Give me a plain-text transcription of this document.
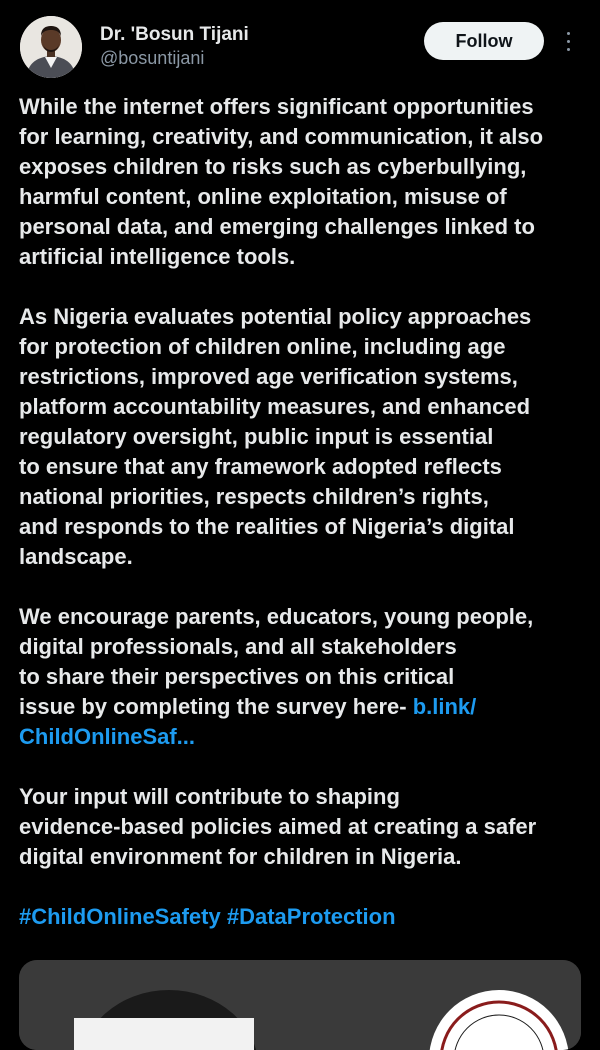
Dr. 'Bosun Tijani
@bosuntijani
Follow

While the internet offers significant opportunities
for learning, creativity, and communication, it also
exposes children to risks such as cyberbullying,
harmful content, online exploitation, misuse of
personal data, and emerging challenges linked to
artificial intelligence tools.

As Nigeria evaluates potential policy approaches
for protection of children online, including age
restrictions, improved age verification systems,
platform accountability measures, and enhanced
regulatory oversight, public input is essential
to ensure that any framework adopted reflects
national priorities, respects children’s rights,
and responds to the realities of Nigeria’s digital
landscape.

We encourage parents, educators, young people,
digital professionals, and all stakeholders
to share their perspectives on this critical
issue by completing the survey here- b.link/
ChildOnlineSaf...

Your input will contribute to shaping
evidence-based policies aimed at creating a safer
digital environment for children in Nigeria.

#ChildOnlineSafety #DataProtection
